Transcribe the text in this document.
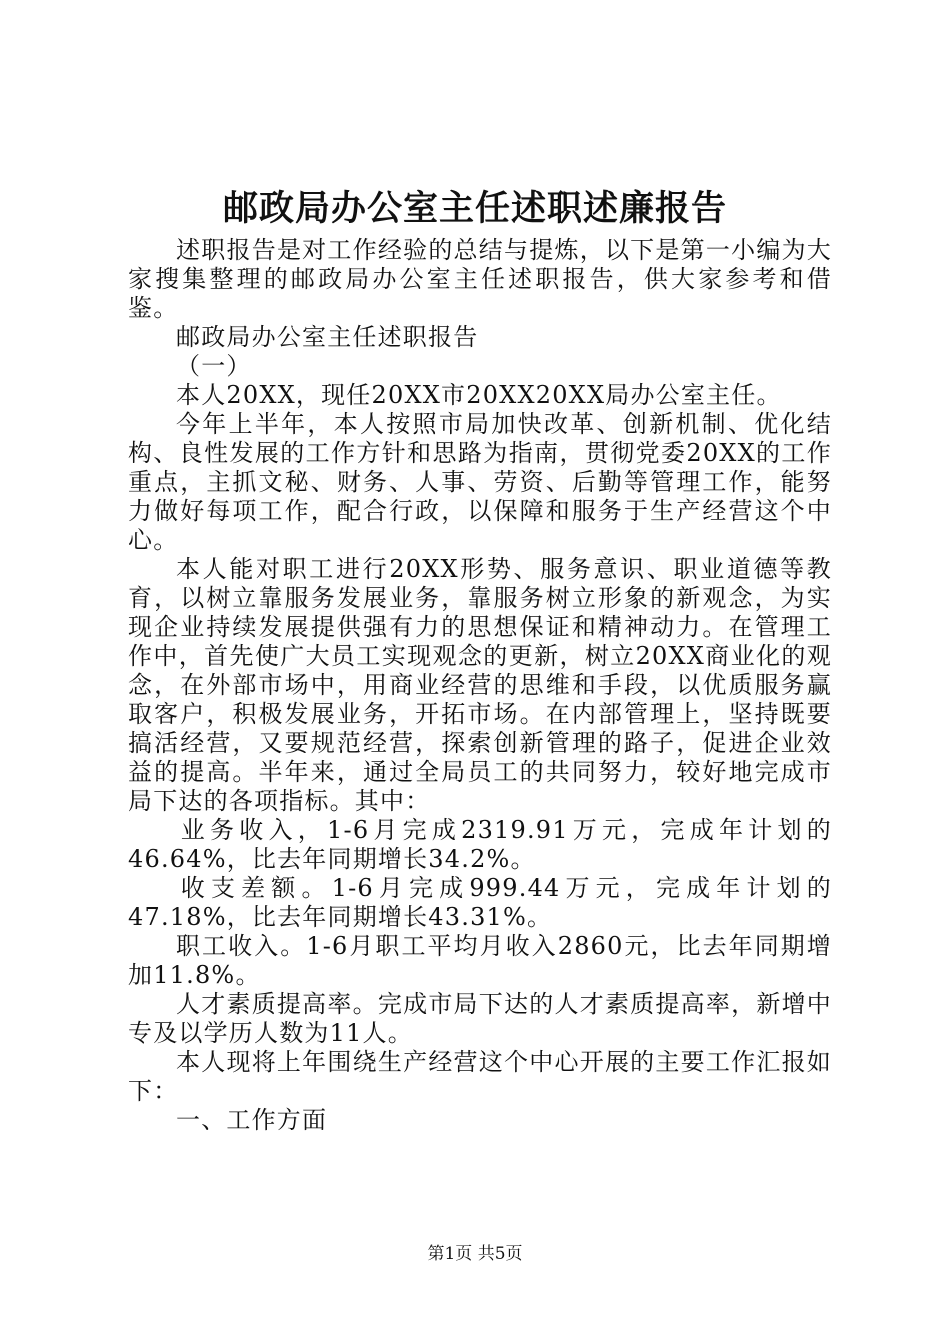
邮政局办公室主任述职述廉报告

述职报告是对工作经验的总结与提炼，以下是第一小编为大家搜集整理的邮政局办公室主任述职报告，供大家参考和借鉴。

邮政局办公室主任述职报告

（一）

本人20XX，现任20XX市20XX20XX局办公室主任。

今年上半年，本人按照市局加快改革、创新机制、优化结构、良性发展的工作方针和思路为指南，贯彻党委20XX的工作重点，主抓文秘、财务、人事、劳资、后勤等管理工作，能努力做好每项工作，配合行政，以保障和服务于生产经营这个中心。

本人能对职工进行20XX形势、服务意识、职业道德等教育，以树立靠服务发展业务，靠服务树立形象的新观念，为实现企业持续发展提供强有力的思想保证和精神动力。在管理工作中，首先使广大员工实现观念的更新，树立20XX商业化的观念，在外部市场中，用商业经营的思维和手段，以优质服务赢取客户，积极发展业务，开拓市场。在内部管理上，坚持既要搞活经营，又要规范经营，探索创新管理的路子，促进企业效益的提高。半年来，通过全局员工的共同努力，较好地完成市局下达的各项指标。其中：

业务收入，1-6月完成2319.91万元，完成年计划的46.64%，比去年同期增长34.2%。

收支差额。1-6月完成999.44万元，完成年计划的47.18%，比去年同期增长43.31%。

职工收入。1-6月职工平均月收入2860元，比去年同期增加11.8%。

人才素质提高率。完成市局下达的人才素质提高率，新增中专及以学历人数为11人。

本人现将上年围绕生产经营这个中心开展的主要工作汇报如下：

一、工作方面

第1页 共5页
